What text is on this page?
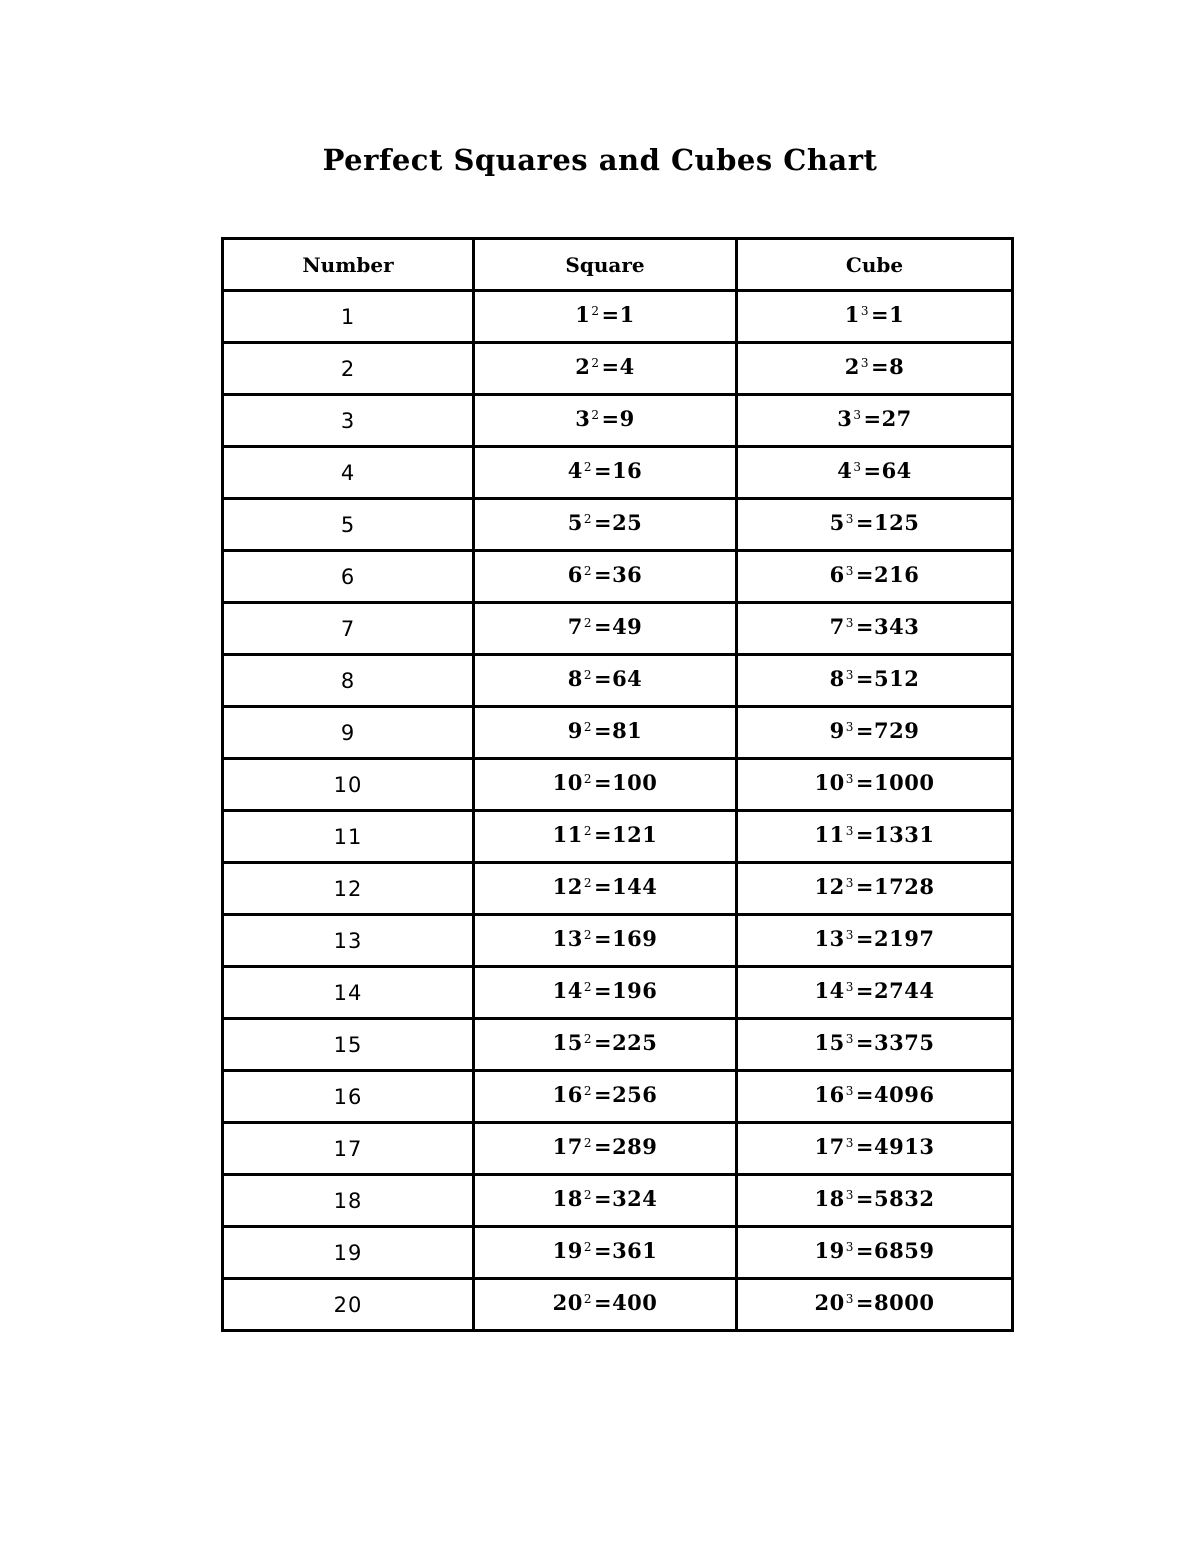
Perfect Squares and Cubes Chart
Number	Square	Cube
1	$1^2=1$	$1^3=1$
2	$2^2=4$	$2^3=8$
3	$3^2=9$	$3^3=27$
4	$4^2=16$	$4^3=64$
5	$5^2=25$	$5^3=125$
6	$6^2=36$	$6^3=216$
7	$7^2=49$	$7^3=343$
8	$8^2=64$	$8^3=512$
9	$9^2=81$	$9^3=729$
10	$10^2=100$	$10^3=1000$
11	$11^2=121$	$11^3=1331$
12	$12^2=144$	$12^3=1728$
13	$13^2=169$	$13^3=2197$
14	$14^2=196$	$14^3=2744$
15	$15^2=225$	$15^3=3375$
16	$16^2=256$	$16^3=4096$
17	$17^2=289$	$17^3=4913$
18	$18^2=324$	$18^3=5832$
19	$19^2=361$	$19^3=6859$
20	$20^2=400$	$20^3=8000$
